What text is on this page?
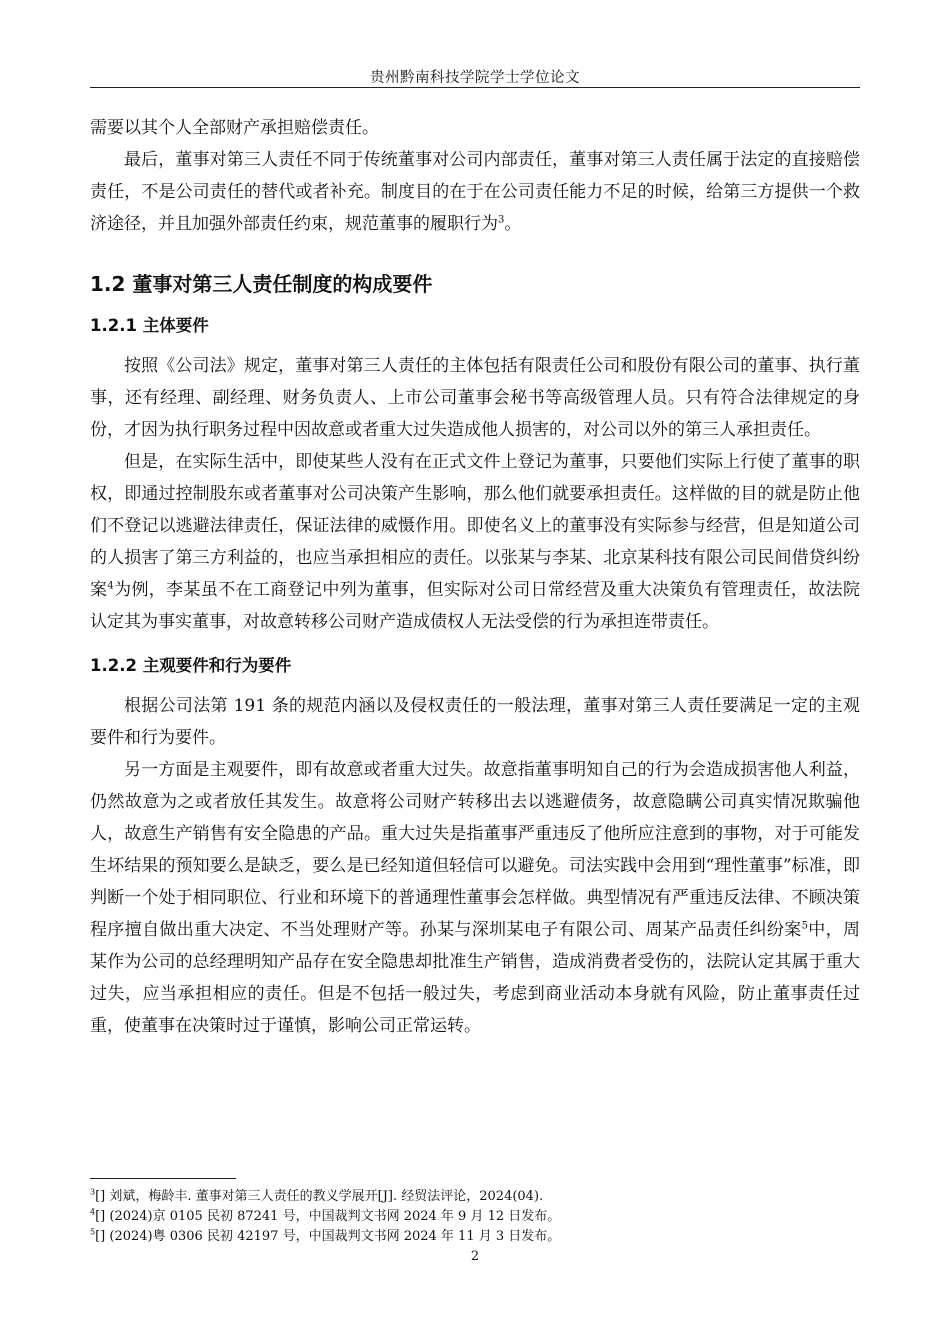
贵州黔南科技学院学士学位论文

需要以其个人全部财产承担赔偿责任。

最后，董事对第三人责任不同于传统董事对公司内部责任，董事对第三人责任属于法定的直接赔偿责任，不是公司责任的替代或者补充。制度目的在于在公司责任能力不足的时候，给第三方提供一个救济途径，并且加强外部责任约束，规范董事的履职行为$^3$。

1.2 董事对第三人责任制度的构成要件
1.2.1 主体要件

按照《公司法》规定，董事对第三人责任的主体包括有限责任公司和股份有限公司的董事、执行董事，还有经理、副经理、财务负责人、上市公司董事会秘书等高级管理人员。只有符合法律规定的身份，才因为执行职务过程中因故意或者重大过失造成他人损害的，对公司以外的第三人承担责任。

但是，在实际生活中，即使某些人没有在正式文件上登记为董事，只要他们实际上行使了董事的职权，即通过控制股东或者董事对公司决策产生影响，那么他们就要承担责任。这样做的目的就是防止他们不登记以逃避法律责任，保证法律的威慑作用。即使名义上的董事没有实际参与经营，但是知道公司的人损害了第三方利益的，也应当承担相应的责任。以张某与李某、北京某科技有限公司民间借贷纠纷案$^4$为例，李某虽不在工商登记中列为董事，但实际对公司日常经营及重大决策负有管理责任，故法院认定其为事实董事，对故意转移公司财产造成债权人无法受偿的行为承担连带责任。

1.2.2 主观要件和行为要件

根据公司法第 191 条的规范内涵以及侵权责任的一般法理，董事对第三人责任要满足一定的主观要件和行为要件。

另一方面是主观要件，即有故意或者重大过失。故意指董事明知自己的行为会造成损害他人利益，仍然故意为之或者放任其发生。故意将公司财产转移出去以逃避债务，故意隐瞒公司真实情况欺骗他人，故意生产销售有安全隐患的产品。重大过失是指董事严重违反了他所应注意到的事物，对于可能发生坏结果的预知要么是缺乏，要么是已经知道但轻信可以避免。司法实践中会用到“理性董事”标准，即判断一个处于相同职位、行业和环境下的普通理性董事会怎样做。典型情况有严重违反法律、不顾决策程序擅自做出重大决定、不当处理财产等。孙某与深圳某电子有限公司、周某产品责任纠纷案$^5$中，周某作为公司的总经理明知产品存在安全隐患却批准生产销售，造成消费者受伤的，法院认定其属于重大过失，应当承担相应的责任。但是不包括一般过失，考虑到商业活动本身就有风险，防止董事责任过重，使董事在决策时过于谨慎，影响公司正常运转。

$^3$[] 刘斌，梅龄丰. 董事对第三人责任的教义学展开[J]. 经贸法评论，2024(04).

$^4$[] (2024)京 0105 民初 87241 号，中国裁判文书网 2024 年 9 月 12 日发布。

$^5$[] (2024)粤 0306 民初 42197 号，中国裁判文书网 2024 年 11 月 3 日发布。

2
